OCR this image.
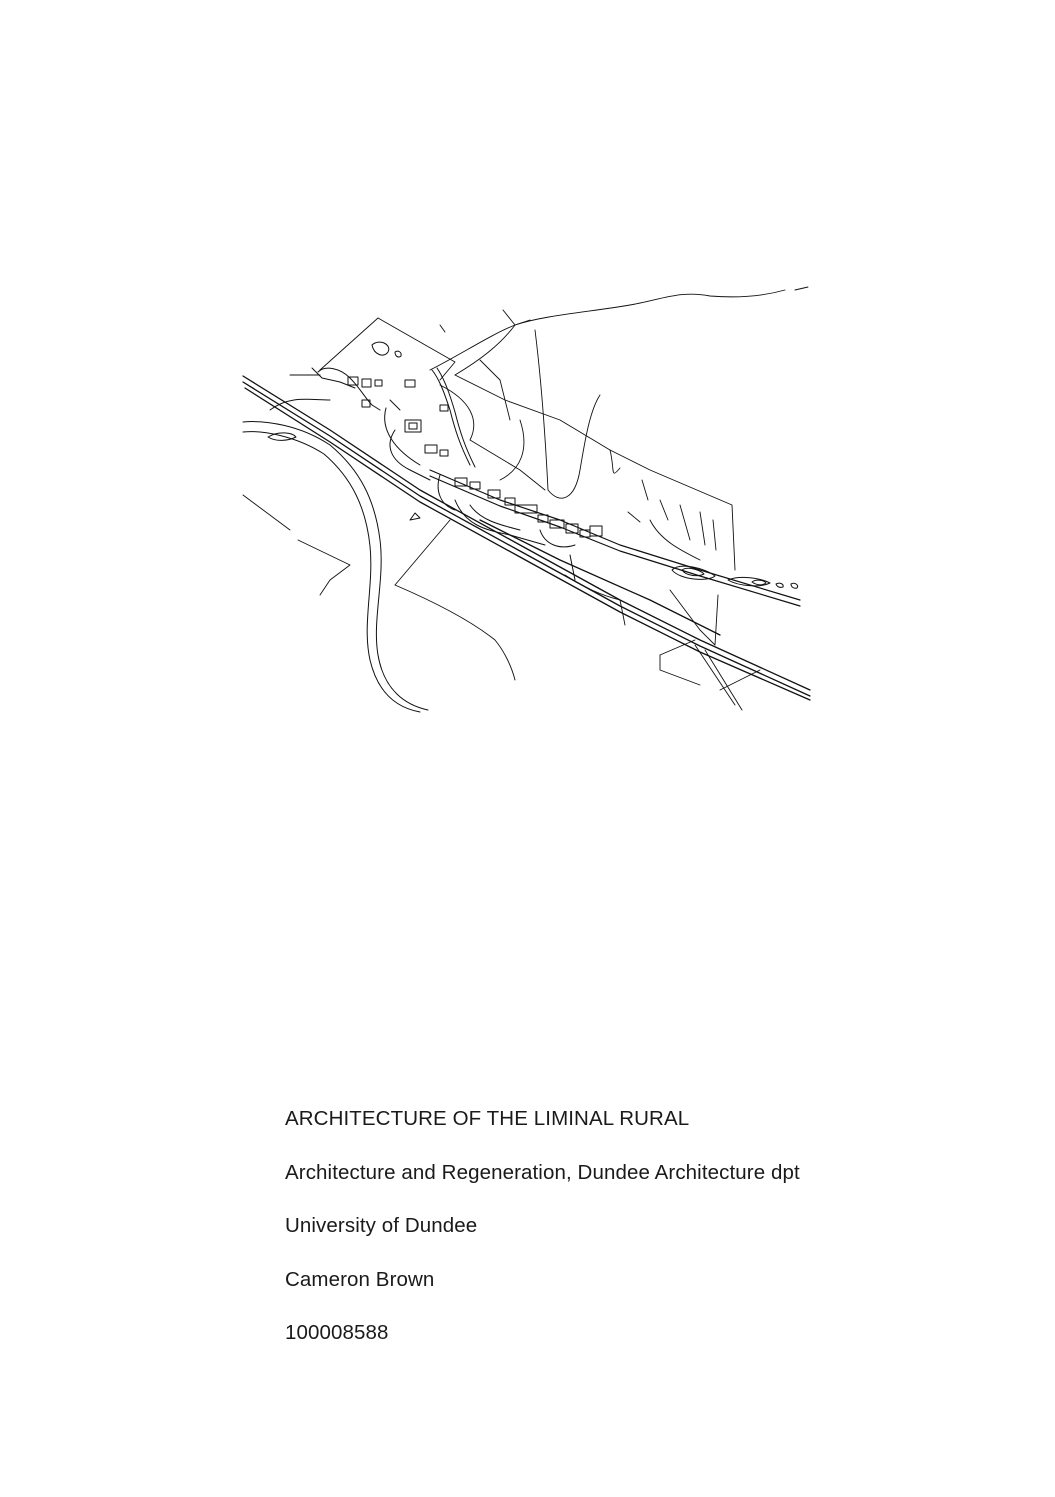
ARCHITECTURE OF THE LIMINAL RURAL
Architecture and Regeneration, Dundee Architecture dpt
University of Dundee
Cameron Brown
100008588
